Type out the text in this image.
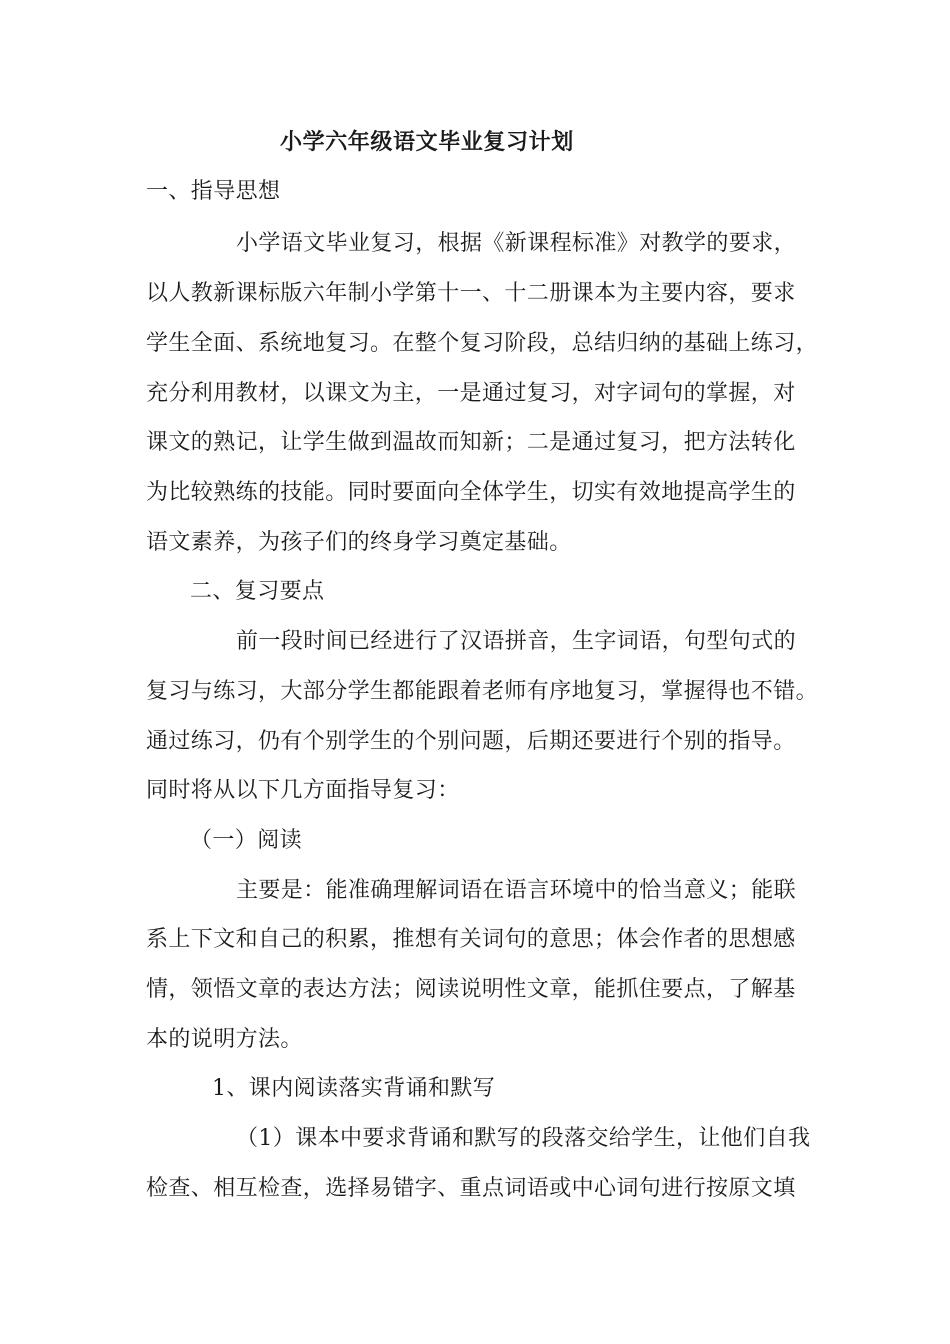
小学六年级语文毕业复习计划
一、指导思想
小学语文毕业复习，根据《新课程标准》对教学的要求，
以人教新课标版六年制小学第十一、十二册课本为主要内容，要求
学生全面、系统地复习。在整个复习阶段，总结归纳的基础上练习，
充分利用教材，以课文为主，一是通过复习，对字词句的掌握，对
课文的熟记，让学生做到温故而知新；二是通过复习，把方法转化
为比较熟练的技能。同时要面向全体学生，切实有效地提高学生的
语文素养，为孩子们的终身学习奠定基础。
二、复习要点
前一段时间已经进行了汉语拼音，生字词语，句型句式的
复习与练习，大部分学生都能跟着老师有序地复习，掌握得也不错。
通过练习，仍有个别学生的个别问题，后期还要进行个别的指导。
同时将从以下几方面指导复习：
（一）阅读
主要是：能准确理解词语在语言环境中的恰当意义；能联
系上下文和自己的积累，推想有关词句的意思；体会作者的思想感
情，领悟文章的表达方法；阅读说明性文章，能抓住要点，了解基
本的说明方法。
1、课内阅读落实背诵和默写
（1）课本中要求背诵和默写的段落交给学生，让他们自我
检查、相互检查，选择易错字、重点词语或中心词句进行按原文填
